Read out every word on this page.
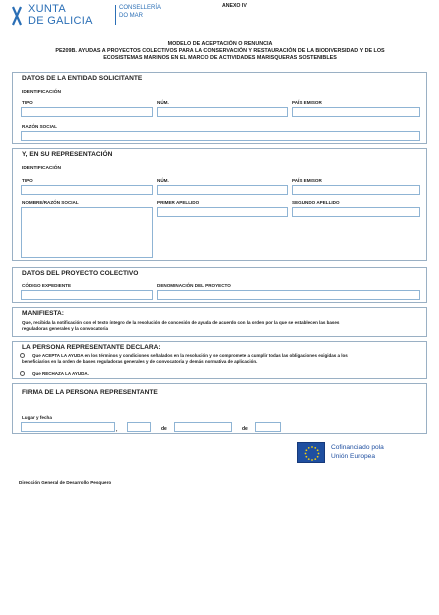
XUNTA
DE GALICIA
CONSELLERÍA
DO MAR
ANEXO IV
MODELO DE ACEPTACIÓN O RENUNCIA
PE209B. AYUDAS A PROYECTOS COLECTIVOS PARA LA CONSERVACIÓN Y RESTAURACIÓN DE LA BIODIVERSIDAD Y DE LOS
ECOSISTEMAS MARINOS EN EL MARCO DE ACTIVIDADES MARISQUERAS SOSTENIBLES
DATOS DE LA ENTIDAD SOLICITANTE
IDENTIFICACIÓN
TIPO	NÚM.	PAÍS EMISOR
RAZÓN SOCIAL
Y, EN SU REPRESENTACIÓN
IDENTIFICACIÓN
TIPO	NÚM.	PAÍS EMISOR
NOMBRE/RAZÓN SOCIAL	PRIMER APELLIDO	SEGUNDO APELLIDO
DATOS DEL PROYECTO COLECTIVO
CÓDIGO EXPEDIENTE	DENOMINACIÓN DEL PROYECTO
MANIFIESTA:
Que, recibida la notificación con el texto íntegro de la resolución de concesión de ayuda de acuerdo con la orden por la que se establecen las bases
reguladoras generales y la convocatoria
LA PERSONA REPRESENTANTE DECLARA:
Que ACEPTA LA AYUDA en los términos y condiciones señalados en la resolución y se compromete a cumplir todas las obligaciones exigidas a los
beneficiarios en la orden de bases reguladoras generales y de convocatoria y demás normativa de aplicación.
Que RECHAZA LA AYUDA.
FIRMA DE LA PERSONA REPRESENTANTE
Lugar y fecha
,	de	de
Cofinanciado pola
Unión Europea
Dirección General de Desarrollo Pesquero
